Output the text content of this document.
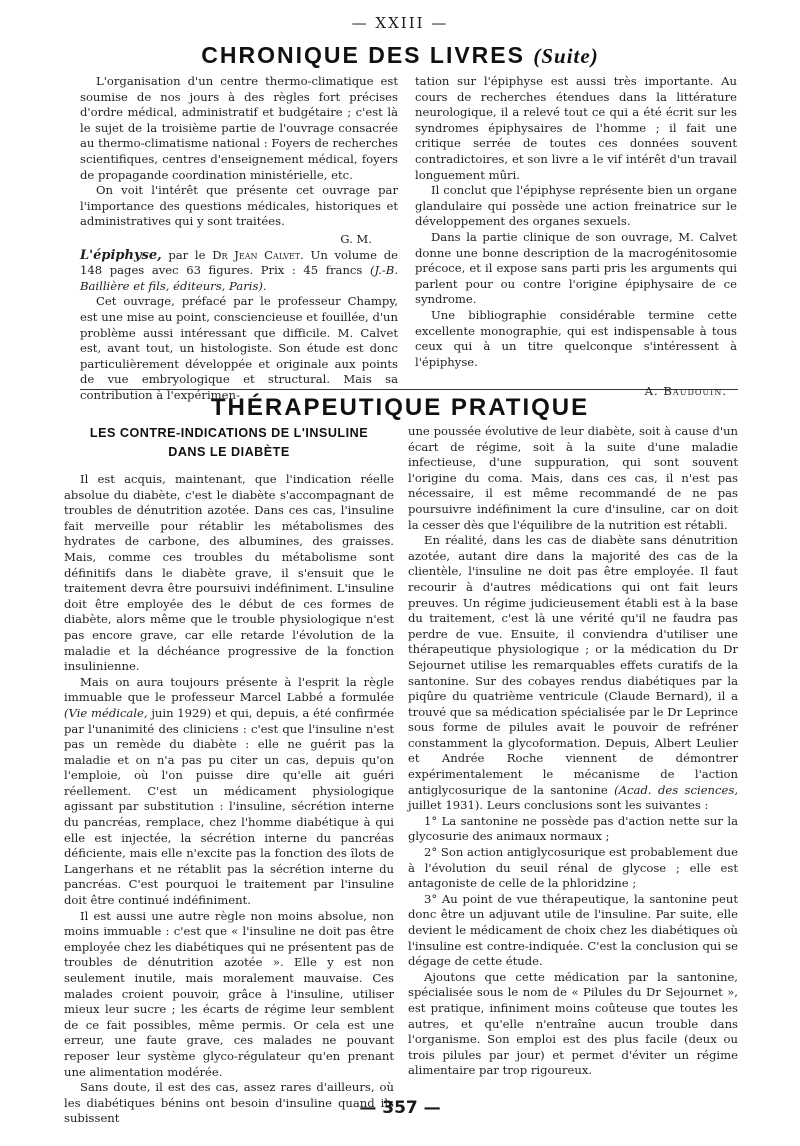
— XXIII —
CHRONIQUE DES LIVRES (Suite)

L'organisation d'un centre thermo-climatique est soumise de nos jours à des règles fort précises d'ordre médical, administratif et budgétaire ; c'est là le sujet de la troisième partie de l'ouvrage consacrée au thermo-climatisme national : Foyers de recherches scientifiques, centres d'enseignement médical, foyers de propagande coordination ministérielle, etc.

On voit l'intérêt que présente cet ouvrage par l'importance des questions médicales, historiques et administratives qui y sont traitées.

G. M.

L'épiphyse, par le Dr Jean Calvet. Un volume de 148 pages avec 63 figures. Prix : 45 francs (J.-B. Baillière et fils, éditeurs, Paris).

Cet ouvrage, préfacé par le professeur Champy, est une mise au point, consciencieuse et fouillée, d'un problème aussi intéressant que difficile. M. Calvet est, avant tout, un histologiste. Son étude est donc particulièrement développée et originale aux points de vue embryologique et structural. Mais sa contribution à l'expérimen-

tation sur l'épiphyse est aussi très importante. Au cours de recherches étendues dans la littérature neurologique, il a relevé tout ce qui a été écrit sur les syndromes épiphysaires de l'homme ; il fait une critique serrée de toutes ces données souvent contradictoires, et son livre a le vif intérêt d'un travail longuement mûri.

Il conclut que l'épiphyse représente bien un organe glandulaire qui possède une action freinatrice sur le développement des organes sexuels.

Dans la partie clinique de son ouvrage, M. Calvet donne une bonne description de la macrogénitosomie précoce, et il expose sans parti pris les arguments qui parlent pour ou contre l'origine épiphysaire de ce syndrome.

Une bibliographie considérable termine cette excellente monographie, qui est indispensable à tous ceux qui à un titre quelconque s'intéressent à l'épiphyse.

A. Baudouin.

THÉRAPEUTIQUE PRATIQUE
LES CONTRE-INDICATIONS DE L'INSULINE
DANS LE DIABÈTE

Il est acquis, maintenant, que l'indication réelle absolue du diabète, c'est le diabète s'accompagnant de troubles de dénutrition azotée. Dans ces cas, l'insuline fait merveille pour rétablir les métabolismes des hydrates de carbone, des albumines, des graisses. Mais, comme ces troubles du métabolisme sont définitifs dans le diabète grave, il s'ensuit que le traitement devra être poursuivi indéfiniment. L'insuline doit être employée des le début de ces formes de diabète, alors même que le trouble physiologique n'est pas encore grave, car elle retarde l'évolution de la maladie et la déchéance progressive de la fonction insulinienne.

Mais on aura toujours présente à l'esprit la règle immuable que le professeur Marcel Labbé a formulée (Vie médicale, juin 1929) et qui, depuis, a été confirmée par l'unanimité des cliniciens : c'est que l'insuline n'est pas un remède du diabète : elle ne guérit pas la maladie et on n'a pas pu citer un cas, depuis qu'on l'emploie, où l'on puisse dire qu'elle ait guéri réellement. C'est un médicament physiologique agissant par substitution : l'insuline, sécrétion interne du pancréas, remplace, chez l'homme diabétique à qui elle est injectée, la sécrétion interne du pancréas déficiente, mais elle n'excite pas la fonction des îlots de Langerhans et ne rétablit pas la sécrétion interne du pancréas. C'est pourquoi le traitement par l'insuline doit être continué indéfiniment.

Il est aussi une autre règle non moins absolue, non moins immuable : c'est que « l'insuline ne doit pas être employée chez les diabétiques qui ne présentent pas de troubles de dénutrition azotée ». Elle y est non seulement inutile, mais moralement mauvaise. Ces malades croient pouvoir, grâce à l'insuline, utiliser mieux leur sucre ; les écarts de régime leur semblent de ce fait possibles, même permis. Or cela est une erreur, une faute grave, ces malades ne pouvant reposer leur système glyco-régulateur qu'en prenant une alimentation modérée.

Sans doute, il est des cas, assez rares d'ailleurs, où les diabétiques bénins ont besoin d'insuline quand ils subissent

une poussée évolutive de leur diabète, soit à cause d'un écart de régime, soit à la suite d'une maladie infectieuse, d'une suppuration, qui sont souvent l'origine du coma. Mais, dans ces cas, il n'est pas nécessaire, il est même recommandé de ne pas poursuivre indéfiniment la cure d'insuline, car on doit la cesser dès que l'équilibre de la nutrition est rétabli.

En réalité, dans les cas de diabète sans dénutrition azotée, autant dire dans la majorité des cas de la clientèle, l'insuline ne doit pas être employée. Il faut recourir à d'autres médications qui ont fait leurs preuves. Un régime judicieusement établi est à la base du traitement, c'est là une vérité qu'il ne faudra pas perdre de vue. Ensuite, il conviendra d'utiliser une thérapeutique physiologique ; or la médication du Dr Sejournet utilise les remarquables effets curatifs de la santonine. Sur des cobayes rendus diabétiques par la piqûre du quatrième ventricule (Claude Bernard), il a trouvé que sa médication spécialisée par le Dr Leprince sous forme de pilules avait le pouvoir de refréner constamment la glycoformation. Depuis, Albert Leulier et Andrée Roche viennent de démontrer expérimentalement le mécanisme de l'action antiglycosurique de la santonine (Acad. des sciences, juillet 1931). Leurs conclusions sont les suivantes :

1° La santonine ne possède pas d'action nette sur la glycosurie des animaux normaux ;

2° Son action antiglycosurique est probablement due à l'évolution du seuil rénal de glycose ; elle est antagoniste de celle de la phloridzine ;

3° Au point de vue thérapeutique, la santonine peut donc être un adjuvant utile de l'insuline. Par suite, elle devient le médicament de choix chez les diabétiques où l'insuline est contre-indiquée. C'est la conclusion qui se dégage de cette étude.

Ajoutons que cette médication par la santonine, spécialisée sous le nom de « Pilules du Dr Sejournet », est pratique, infiniment moins coûteuse que toutes les autres, et qu'elle n'entraîne aucun trouble dans l'organisme. Son emploi est des plus facile (deux ou trois pilules par jour) et permet d'éviter un régime alimentaire par trop rigoureux.

— 357 —
